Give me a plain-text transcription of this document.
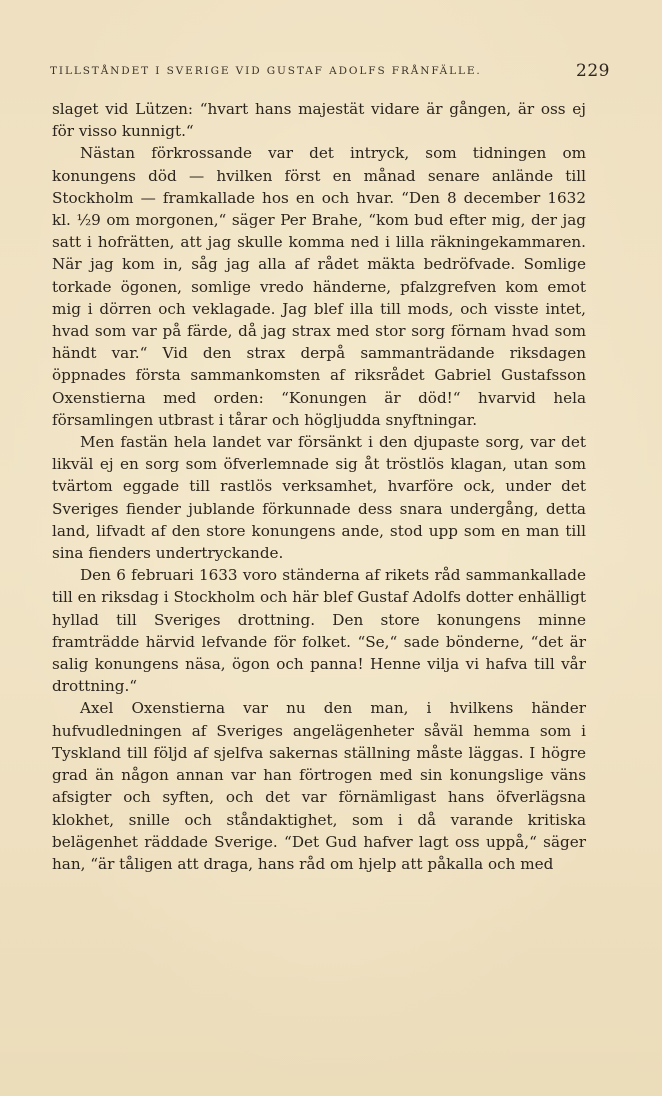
TILLSTÅNDET I SVERIGE VID GUSTAF ADOLFS FRÅNFÄLLE.	229

slaget vid Lützen: “hvart hans majestät vidare är gången, är oss ej för visso kunnigt.“

Nästan förkrossande var det intryck, som tidningen om konungens död — hvilken först en månad senare anlände till Stockholm — framkallade hos en och hvar. “Den 8 december 1632 kl. ½9 om morgonen,“ säger Per Brahe, “kom bud efter mig, der jag satt i hofrätten, att jag skulle komma ned i lilla räkningekammaren. När jag kom in, såg jag alla af rådet mäkta bedröfvade. Somlige torkade ögonen, somlige vredo händerne, pfalzgrefven kom emot mig i dörren och veklagade. Jag blef illa till mods, och visste intet, hvad som var på färde, då jag strax med stor sorg förnam hvad som händt var.“ Vid den strax derpå sammanträdande riksdagen öppnades första sammankomsten af riksrådet Gabriel Gustafsson Oxenstierna med orden: “Konungen är död!“ hvarvid hela församlingen utbrast i tårar och högljudda snyftningar.

Men fastän hela landet var försänkt i den djupaste sorg, var det likväl ej en sorg som öfverlemnade sig åt tröstlös klagan, utan som tvärtom eggade till rastlös verksamhet, hvarföre ock, under det Sveriges fiender jublande förkunnade dess snara undergång, detta land, lifvadt af den store konungens ande, stod upp som en man till sina fienders undertryckande.

Den 6 februari 1633 voro ständerna af rikets råd sammankallade till en riksdag i Stockholm och här blef Gustaf Adolfs dotter enhälligt hyllad till Sveriges drottning. Den store konungens minne framträdde härvid lefvande för folket. “Se,“ sade bönderne, “det är salig konungens näsa, ögon och panna! Henne vilja vi hafva till vår drottning.“

Axel Oxenstierna var nu den man, i hvilkens händer hufvudledningen af Sveriges angelägenheter såväl hemma som i Tyskland till följd af sjelfva sakernas ställning måste läggas. I högre grad än någon annan var han förtrogen med sin konungslige väns afsigter och syften, och det var förnämligast hans öfverlägsna klokhet, snille och ståndaktighet, som i då varande kritiska belägenhet räddade Sverige. “Det Gud hafver lagt oss uppå,“ säger han, “är tåligen att draga, hans råd om hjelp att påkalla och med
